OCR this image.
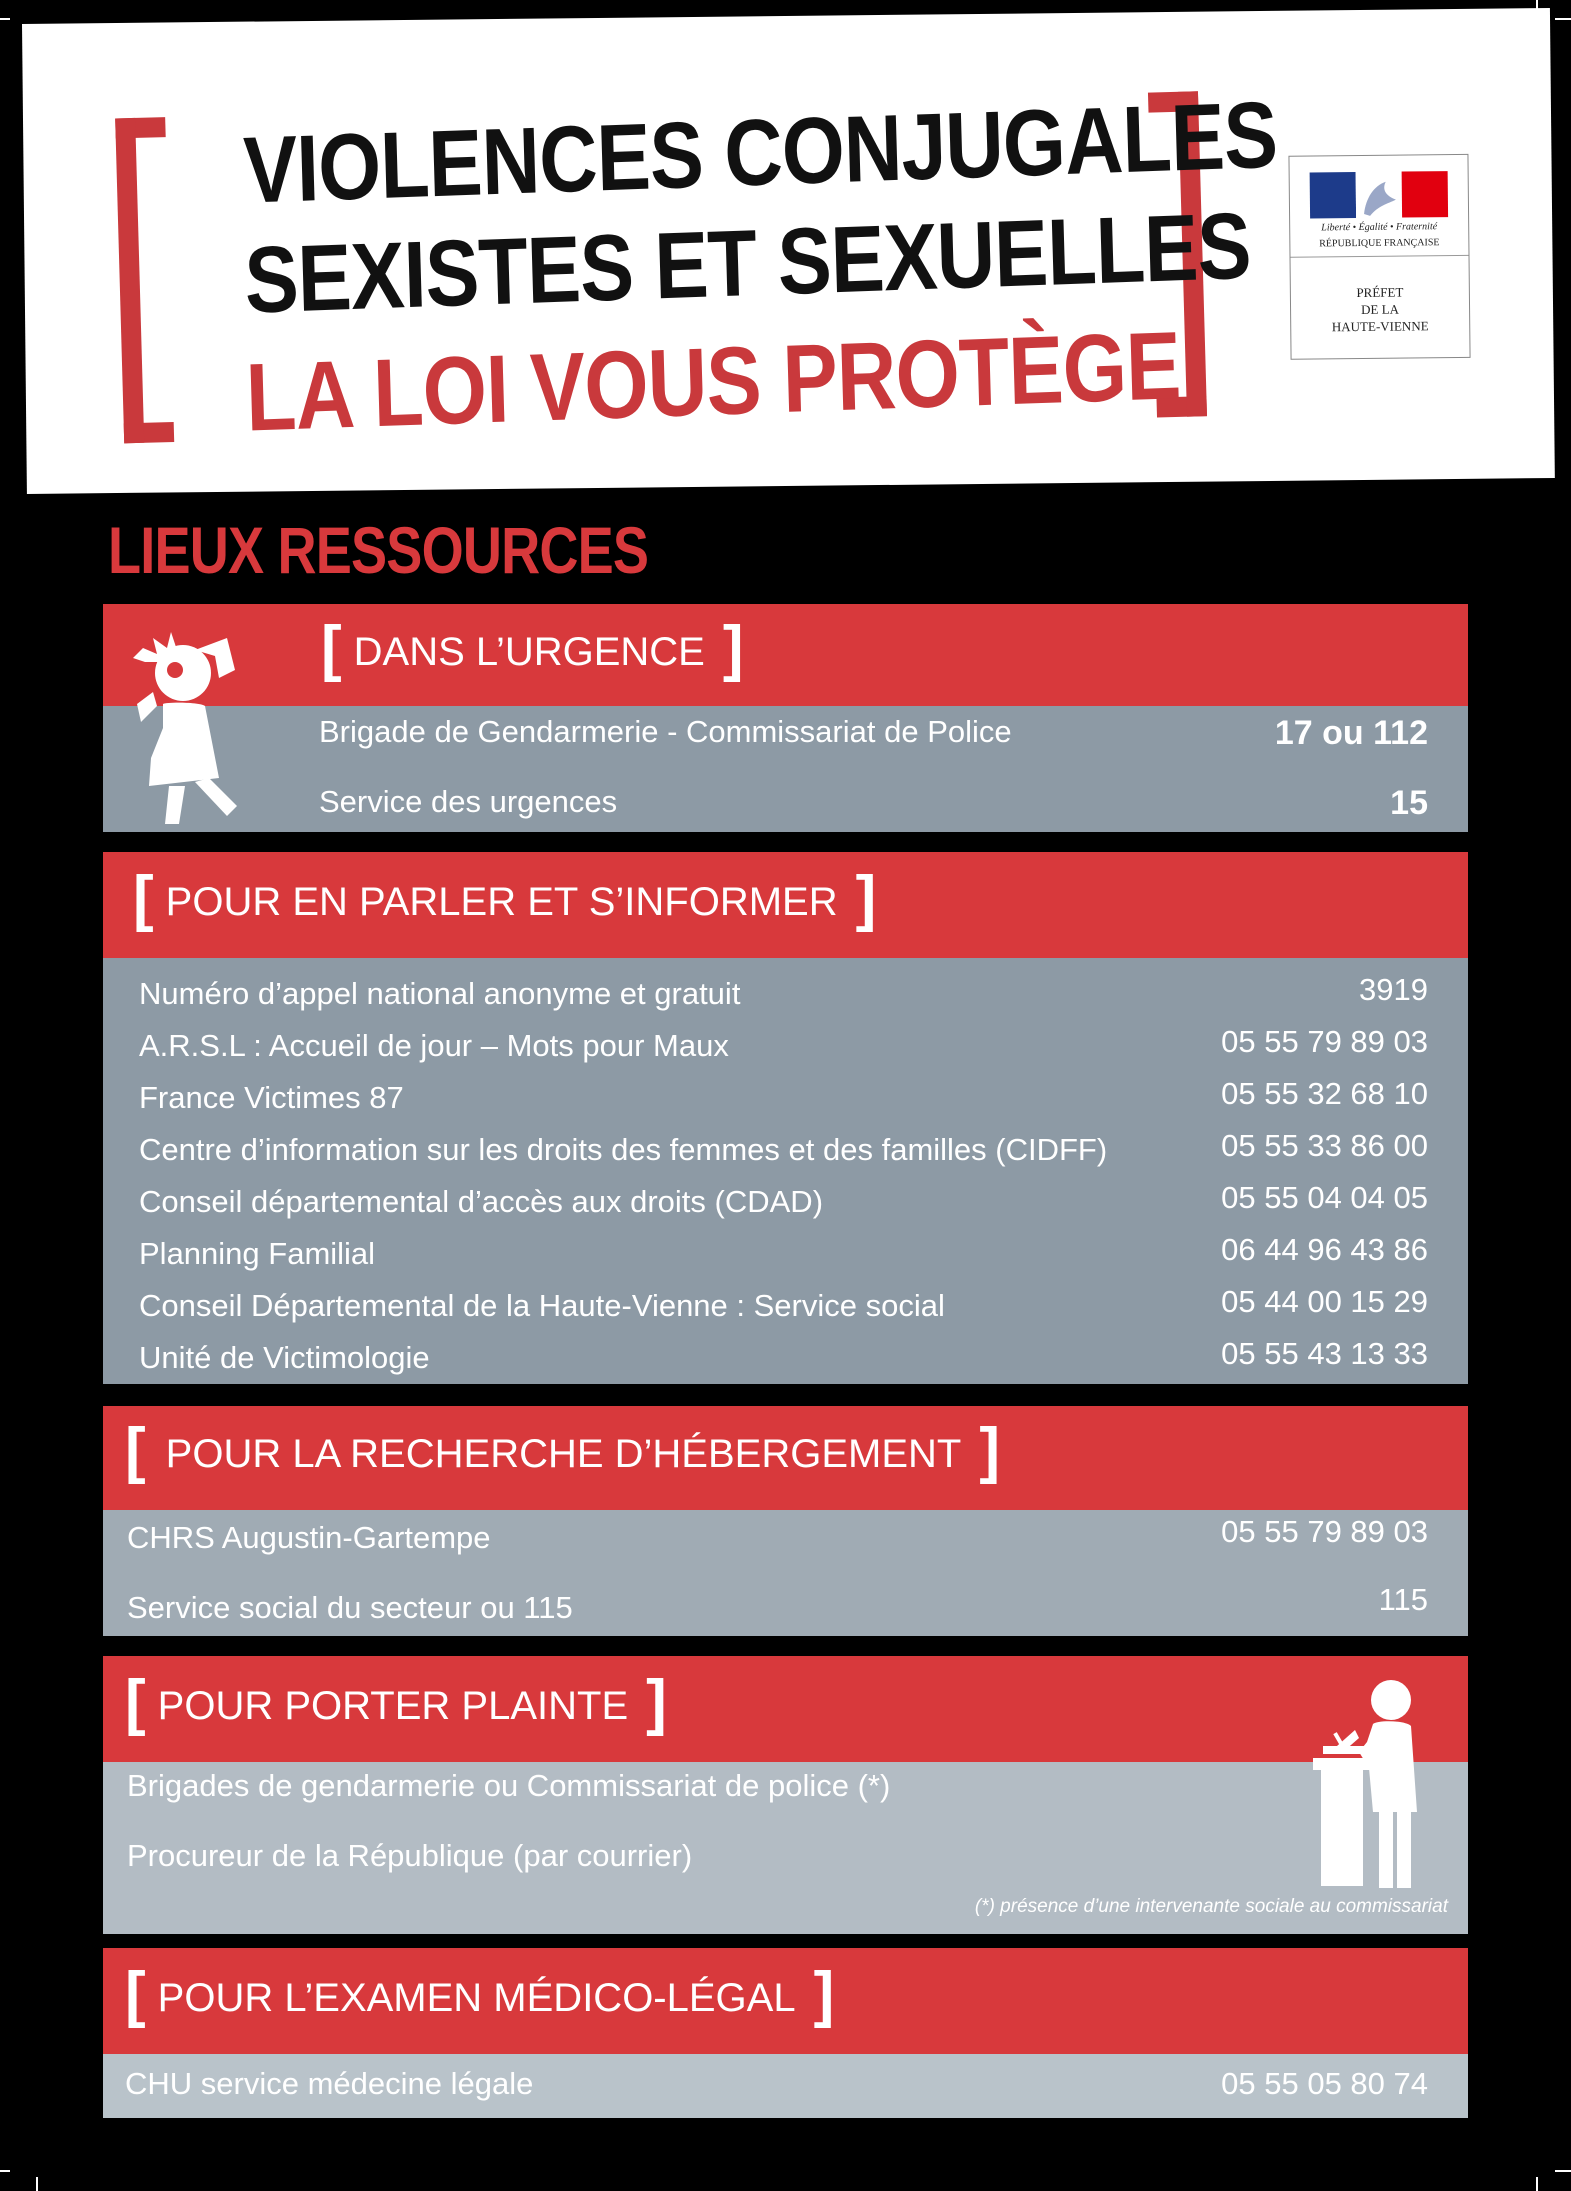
VIOLENCES CONJUGALES
SEXISTES ET SEXUELLES
LA LOI VOUS PROTÈGE
Liberté • Égalité • Fraternité
RÉPUBLIQUE FRANÇAISE
PRÉFET
DE LA
HAUTE-VIENNE
LIEUX RESSOURCES
[ DANS L’URGENCE ]
Brigade de Gendarmerie - Commissariat de Police	17 ou 112
Service des urgences	15
[ POUR EN PARLER ET S’INFORMER ]
Numéro d’appel national anonyme et gratuit	3919
A.R.S.L : Accueil de jour – Mots pour Maux	05 55 79 89 03
France Victimes 87	05 55 32 68 10
Centre d’information sur les droits des femmes et des familles (CIDFF)	05 55 33 86 00
Conseil départemental d’accès aux droits (CDAD)	05 55 04 04 05
Planning Familial	06 44 96 43 86
Conseil Départemental de la Haute-Vienne : Service social	05 44 00 15 29
Unité de Victimologie	05 55 43 13 33
[ POUR LA RECHERCHE D’HÉBERGEMENT ]
CHRS Augustin-Gartempe	05 55 79 89 03
Service social du secteur ou 115	115
[ POUR PORTER PLAINTE ]
Brigades de gendarmerie ou Commissariat de police (*)
Procureur de la République (par courrier)
(*) présence d’une intervenante sociale au commissariat
[ POUR L’EXAMEN MÉDICO-LÉGAL ]
CHU service médecine légale	05 55 05 80 74
